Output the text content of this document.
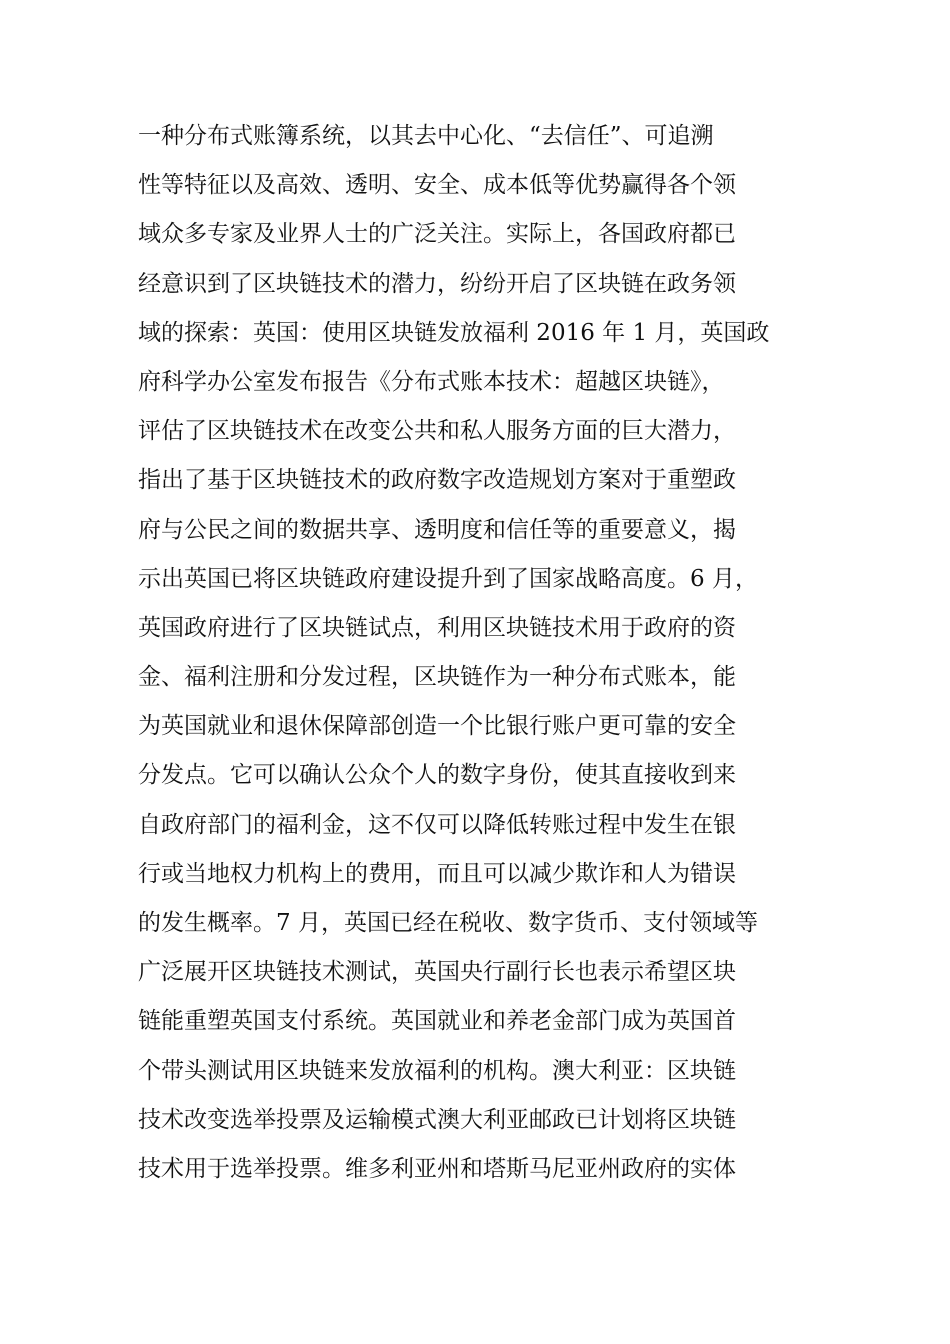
一种分布式账簿系统，以其去中心化、“去信任”、可追溯
性等特征以及高效、透明、安全、成本低等优势赢得各个领
域众多专家及业界人士的广泛关注。实际上，各国政府都已
经意识到了区块链技术的潜力，纷纷开启了区块链在政务领
域的探索：英国：使用区块链发放福利 2016 年 1 月，英国政
府科学办公室发布报告《分布式账本技术：超越区块链》，
评估了区块链技术在改变公共和私人服务方面的巨大潜力，
指出了基于区块链技术的政府数字改造规划方案对于重塑政
府与公民之间的数据共享、透明度和信任等的重要意义，揭
示出英国已将区块链政府建设提升到了国家战略高度。6 月，
英国政府进行了区块链试点，利用区块链技术用于政府的资
金、福利注册和分发过程，区块链作为一种分布式账本，能
为英国就业和退休保障部创造一个比银行账户更可靠的安全
分发点。它可以确认公众个人的数字身份，使其直接收到来
自政府部门的福利金，这不仅可以降低转账过程中发生在银
行或当地权力机构上的费用，而且可以减少欺诈和人为错误
的发生概率。7 月，英国已经在税收、数字货币、支付领域等
广泛展开区块链技术测试，英国央行副行长也表示希望区块
链能重塑英国支付系统。英国就业和养老金部门成为英国首
个带头测试用区块链来发放福利的机构。澳大利亚：区块链
技术改变选举投票及运输模式澳大利亚邮政已计划将区块链
技术用于选举投票。维多利亚州和塔斯马尼亚州政府的实体
